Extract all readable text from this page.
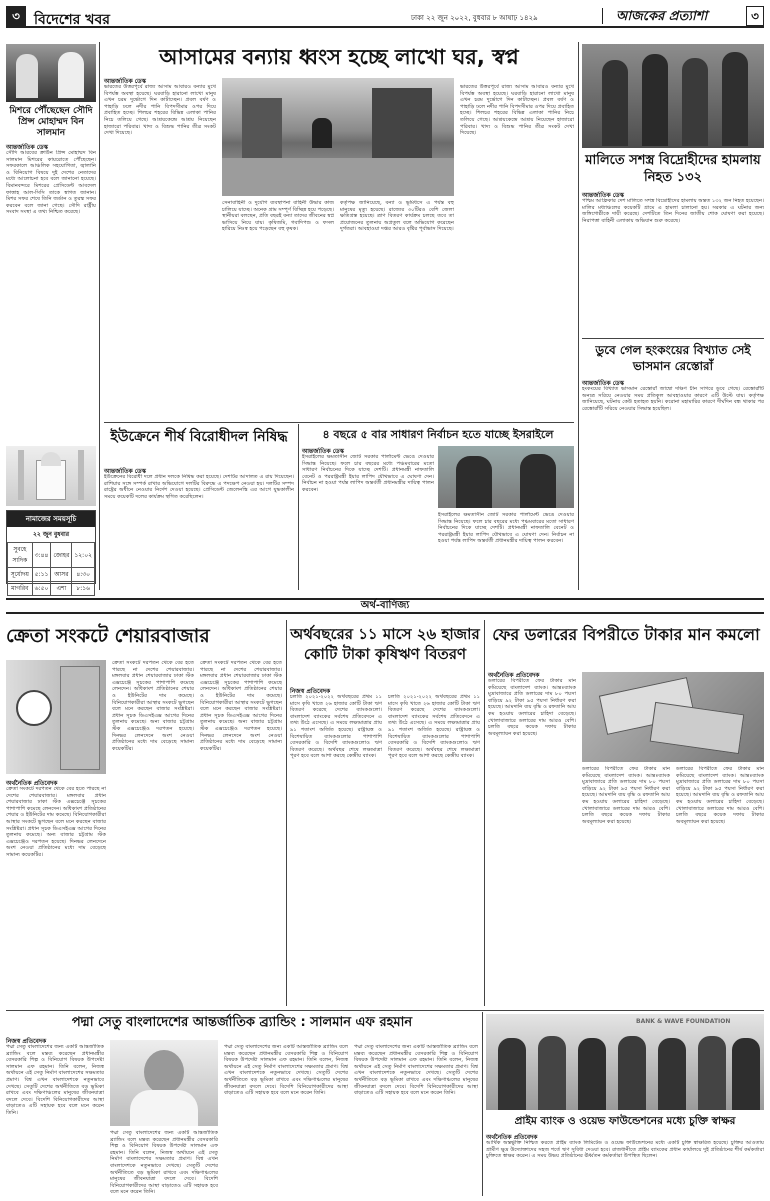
৩	বিদেশের খবর	ঢাকা ২২ জুন ২০২২, বুধবার ৮ আষাঢ় ১৪২৯	আজকের প্রত্যাশা	৩
মিশরে পৌঁছেছেন সৌদি প্রিন্স মোহাম্মদ বিন সালমান
আন্তর্জাতিক ডেস্ক
সৌদি আরবের ক্রাউন প্রিন্স মোহাম্মদ বিন সালমান মিশরের কায়রোতে পৌঁছেছেন। সফরকালে আঞ্চলিক সহযোগিতা, জ্বালানি ও বিনিয়োগ বিষয়ে দুই দেশের নেতাদের মধ্যে আলোচনা হবে বলে জানানো হয়েছে। বিমানবন্দরে মিশরের প্রেসিডেন্ট আবদেল ফাত্তাহ আল-সিসি তাকে স্বাগত জানান। মিশর সফর শেষে তিনি জর্ডান ও তুরস্ক সফর করবেন বলে জানা গেছে। সৌদি রাষ্ট্রীয় সংবাদ সংস্থা এ তথ্য নিশ্চিত করেছে।
নামাজের সময়সূচি
২২ জুন বুধবার
সুবহে সাদিক	৩:৪৪	জোহর	১২:০২
সূর্যোদয়	৫:১১	আসর	৪:৩০
মাগরিব	৬:৫০	এশা	৮:১৬
আসামের বন্যায় ধ্বংস হচ্ছে লাখো ঘর, স্বপ্ন
আন্তর্জাতিক ডেস্ক
ভারতের উত্তরপূর্বে রাজ্য আসাম আবারও বন্যার মুখে বিপর্যস্ত অবস্থা হয়েছে। ঘরবাড়ি হারানো লাখো মানুষ এখন চরম দুর্ভোগে দিন কাটাচ্ছেন। প্রবল বর্ষণ ও পাহাড়ি ঢলে নদীর পানি বিপদসীমার ওপর দিয়ে প্রবাহিত হচ্ছে। শিলচর শহরের বিভিন্ন এলাকা পানির নিচে তলিয়ে গেছে। আশ্রয়কেন্দ্রে আশ্রয় নিয়েছেন হাজারো পরিবার। খাদ্য ও বিশুদ্ধ পানির তীব্র সংকট দেখা দিয়েছে।
সেনাবাহিনী ও দুর্যোগ ব্যবস্থাপনা বাহিনী উদ্ধার কাজ চালিয়ে যাচ্ছে। অনেক গ্রাম সম্পূর্ণ বিচ্ছিন্ন হয়ে পড়েছে। স্থানীয়রা বলছেন, প্রতি বছরই বন্যা তাদের জীবনের স্বপ্ন ভাসিয়ে নিয়ে যায়। কৃষিজমি, গবাদিপশু ও ফসল হারিয়ে নিঃস্ব হয়ে পড়েছেন বহু কৃষক।
কর্তৃপক্ষ জানিয়েছে, বন্যা ও ভূমিধসে এ পর্যন্ত বহু মানুষের মৃত্যু হয়েছে। রাজ্যের ৩০টিরও বেশি জেলা ক্ষতিগ্রস্ত হয়েছে। ত্রাণ বিতরণ কার্যক্রম চলছে তবে তা প্রয়োজনের তুলনায় অপ্রতুল বলে অভিযোগ করেছেন দুর্গতরা। আবহাওয়া দপ্তর আরও বৃষ্টির পূর্বাভাস দিয়েছে।
ভারতের উত্তরপূর্বে রাজ্য আসাম আবারও বন্যার মুখে বিপর্যস্ত অবস্থা হয়েছে। ঘরবাড়ি হারানো লাখো মানুষ এখন চরম দুর্ভোগে দিন কাটাচ্ছেন। প্রবল বর্ষণ ও পাহাড়ি ঢলে নদীর পানি বিপদসীমার ওপর দিয়ে প্রবাহিত হচ্ছে। শিলচর শহরের বিভিন্ন এলাকা পানির নিচে তলিয়ে গেছে। আশ্রয়কেন্দ্রে আশ্রয় নিয়েছেন হাজারো পরিবার। খাদ্য ও বিশুদ্ধ পানির তীব্র সংকট দেখা দিয়েছে।
মালিতে সশস্ত্র বিদ্রোহীদের হামলায় নিহত ১৩২
আন্তর্জাতিক ডেস্ক
পশ্চিম আফ্রিকার দেশ মালিতে সশস্ত্র বিদ্রোহীদের হামলায় অন্তত ১৩২ জন নিহত হয়েছেন। মালির মধ্যাঞ্চলের কয়েকটি গ্রামে এ হামলা চালানো হয়। সরকার এ ঘটনার জন্য জঙ্গিগোষ্ঠীকে দায়ী করেছে। দেশটিতে তিন দিনের জাতীয় শোক ঘোষণা করা হয়েছে। নিরাপত্তা বাহিনী এলাকায় অভিযান শুরু করেছে।
ডুবে গেল হংকংয়ের বিখ্যাত সেই ভাসমান রেস্তোরাঁ
আন্তর্জাতিক ডেস্ক
হংকংয়ের বিখ্যাত ভাসমান রেস্তোরাঁ জাম্বো দক্ষিণ চীন সাগরে ডুবে গেছে। রেস্তোরাঁটি অন্যত্র সরিয়ে নেওয়ার সময় প্রতিকূল আবহাওয়ার কারণে এটি উল্টে যায়। কর্তৃপক্ষ জানিয়েছে, ঘটনায় কেউ হতাহত হয়নি। করোনা মহামারির কারণে দীর্ঘদিন বন্ধ থাকার পর রেস্তোরাঁটি সরিয়ে নেওয়ার সিদ্ধান্ত হয়েছিল।
ইউক্রেনে শীর্ষ বিরোধীদল নিষিদ্ধ
আন্তর্জাতিক ডেস্ক
ইউক্রেনের বিরোধী দলে প্রধান দলকে নিষিদ্ধ করা হয়েছে। দেশটির আদালত এ রায় দিয়েছেন। রাশিয়ার সঙ্গে সম্পর্ক রাখার অভিযোগে দলটির বিরুদ্ধে এ পদক্ষেপ নেওয়া হয়। দলটির সম্পদ রাষ্ট্রের অধীনে নেওয়ার নির্দেশ দেওয়া হয়েছে। প্রেসিডেন্ট জেলেনস্কি এর আগে যুদ্ধকালীন সময়ে কয়েকটি দলের কার্যক্রম স্থগিত করেছিলেন।
৪ বছরে ৫ বার সাধারণ নির্বাচন হতে যাচ্ছে ইসরাইলে
আন্তর্জাতিক ডেস্ক
ইসরাইলের ক্ষমতাসীন জোট সরকার পার্লামেন্ট ভেঙে দেওয়ার সিদ্ধান্ত নিয়েছে। ফলে চার বছরের মধ্যে পঞ্চমবারের মতো সাধারণ নির্বাচনের দিকে যাচ্ছে দেশটি। প্রধানমন্ত্রী নাফতালি বেনেট ও পররাষ্ট্রমন্ত্রী ইয়ার লাপিদ যৌথভাবে এ ঘোষণা দেন। নির্বাচন না হওয়া পর্যন্ত লাপিদ অন্তর্বর্তী প্রধানমন্ত্রীর দায়িত্ব পালন করবেন।
ইসরাইলের ক্ষমতাসীন জোট সরকার পার্লামেন্ট ভেঙে দেওয়ার সিদ্ধান্ত নিয়েছে। ফলে চার বছরের মধ্যে পঞ্চমবারের মতো সাধারণ নির্বাচনের দিকে যাচ্ছে দেশটি। প্রধানমন্ত্রী নাফতালি বেনেট ও পররাষ্ট্রমন্ত্রী ইয়ার লাপিদ যৌথভাবে এ ঘোষণা দেন। নির্বাচন না হওয়া পর্যন্ত লাপিদ অন্তর্বর্তী প্রধানমন্ত্রীর দায়িত্ব পালন করবেন।
অর্থ-বাণিজ্য
ক্রেতা সংকটে শেয়ারবাজার
অর্থনৈতিক প্রতিবেদক
ক্রেতা সংকটে দরপতন থেকে বের হতে পারছে না দেশের শেয়ারবাজার। মঙ্গলবার প্রধান শেয়ারবাজার ঢাকা স্টক এক্সচেঞ্জে সূচকের পাশাপাশি কমেছে লেনদেন। অধিকাংশ প্রতিষ্ঠানের শেয়ার ও ইউনিটের দাম কমেছে। বিনিয়োগকারীরা আস্থার সংকটে ভুগছেন বলে মনে করছেন বাজার সংশ্লিষ্টরা। প্রধান সূচক ডিএসইএক্স আগের দিনের তুলনায় কমেছে। অন্য বাজার চট্টগ্রাম স্টক এক্সচেঞ্জেও দরপতন হয়েছে। দিনভর লেনদেনে অংশ নেওয়া প্রতিষ্ঠানের মধ্যে দাম বেড়েছে সামান্য কয়েকটির।
ক্রেতা সংকটে দরপতন থেকে বের হতে পারছে না দেশের শেয়ারবাজার। মঙ্গলবার প্রধান শেয়ারবাজার ঢাকা স্টক এক্সচেঞ্জে সূচকের পাশাপাশি কমেছে লেনদেন। অধিকাংশ প্রতিষ্ঠানের শেয়ার ও ইউনিটের দাম কমেছে। বিনিয়োগকারীরা আস্থার সংকটে ভুগছেন বলে মনে করছেন বাজার সংশ্লিষ্টরা। প্রধান সূচক ডিএসইএক্স আগের দিনের তুলনায় কমেছে। অন্য বাজার চট্টগ্রাম স্টক এক্সচেঞ্জেও দরপতন হয়েছে। দিনভর লেনদেনে অংশ নেওয়া প্রতিষ্ঠানের মধ্যে দাম বেড়েছে সামান্য কয়েকটির।
ক্রেতা সংকটে দরপতন থেকে বের হতে পারছে না দেশের শেয়ারবাজার। মঙ্গলবার প্রধান শেয়ারবাজার ঢাকা স্টক এক্সচেঞ্জে সূচকের পাশাপাশি কমেছে লেনদেন। অধিকাংশ প্রতিষ্ঠানের শেয়ার ও ইউনিটের দাম কমেছে। বিনিয়োগকারীরা আস্থার সংকটে ভুগছেন বলে মনে করছেন বাজার সংশ্লিষ্টরা। প্রধান সূচক ডিএসইএক্স আগের দিনের তুলনায় কমেছে। অন্য বাজার চট্টগ্রাম স্টক এক্সচেঞ্জেও দরপতন হয়েছে। দিনভর লেনদেনে অংশ নেওয়া প্রতিষ্ঠানের মধ্যে দাম বেড়েছে সামান্য কয়েকটির।
অর্থবছরের ১১ মাসে ২৬ হাজার কোটি টাকা কৃষিঋণ বিতরণ
নিজস্ব প্রতিবেদক
চলতি ২০২১-২০২২ অর্থবছরের প্রথম ১১ মাসে কৃষি খাতে ২৬ হাজার কোটি টাকা ঋণ বিতরণ করেছে দেশের ব্যাংকগুলো। বাংলাদেশ ব্যাংকের সর্বশেষ প্রতিবেদনে এ তথ্য উঠে এসেছে। এ সময়ে লক্ষ্যমাত্রার প্রায় ৯১ শতাংশ অর্জিত হয়েছে। রাষ্ট্রায়ত্ত ও বিশেষায়িত ব্যাংকগুলোর পাশাপাশি বেসরকারি ও বিদেশি ব্যাংকগুলোও ঋণ বিতরণ করেছে। অর্থবছর শেষে লক্ষ্যমাত্রা পূরণ হবে বলে আশা করছে কেন্দ্রীয় ব্যাংক।
চলতি ২০২১-২০২২ অর্থবছরের প্রথম ১১ মাসে কৃষি খাতে ২৬ হাজার কোটি টাকা ঋণ বিতরণ করেছে দেশের ব্যাংকগুলো। বাংলাদেশ ব্যাংকের সর্বশেষ প্রতিবেদনে এ তথ্য উঠে এসেছে। এ সময়ে লক্ষ্যমাত্রার প্রায় ৯১ শতাংশ অর্জিত হয়েছে। রাষ্ট্রায়ত্ত ও বিশেষায়িত ব্যাংকগুলোর পাশাপাশি বেসরকারি ও বিদেশি ব্যাংকগুলোও ঋণ বিতরণ করেছে। অর্থবছর শেষে লক্ষ্যমাত্রা পূরণ হবে বলে আশা করছে কেন্দ্রীয় ব্যাংক।
ফের ডলারের বিপরীতে টাকার মান কমলো
অর্থনৈতিক প্রতিবেদক
ডলারের বিপরীতে ফের টাকার মান কমিয়েছে বাংলাদেশ ব্যাংক। আন্তঃব্যাংক মুদ্রাবাজারে প্রতি ডলারের দাম ৮০ পয়সা বাড়িয়ে ৯২ টাকা ৯৫ পয়সা নির্ধারণ করা হয়েছে। আমদানি ব্যয় বৃদ্ধি ও রফতানি আয় কম হওয়ায় ডলারের চাহিদা বেড়েছে। খোলাবাজারে ডলারের দাম আরও বেশি। চলতি বছরে কয়েক দফায় টাকার অবমূল্যায়ন করা হয়েছে।
ডলারের বিপরীতে ফের টাকার মান কমিয়েছে বাংলাদেশ ব্যাংক। আন্তঃব্যাংক মুদ্রাবাজারে প্রতি ডলারের দাম ৮০ পয়সা বাড়িয়ে ৯২ টাকা ৯৫ পয়সা নির্ধারণ করা হয়েছে। আমদানি ব্যয় বৃদ্ধি ও রফতানি আয় কম হওয়ায় ডলারের চাহিদা বেড়েছে। খোলাবাজারে ডলারের দাম আরও বেশি। চলতি বছরে কয়েক দফায় টাকার অবমূল্যায়ন করা হয়েছে।
ডলারের বিপরীতে ফের টাকার মান কমিয়েছে বাংলাদেশ ব্যাংক। আন্তঃব্যাংক মুদ্রাবাজারে প্রতি ডলারের দাম ৮০ পয়সা বাড়িয়ে ৯২ টাকা ৯৫ পয়সা নির্ধারণ করা হয়েছে। আমদানি ব্যয় বৃদ্ধি ও রফতানি আয় কম হওয়ায় ডলারের চাহিদা বেড়েছে। খোলাবাজারে ডলারের দাম আরও বেশি। চলতি বছরে কয়েক দফায় টাকার অবমূল্যায়ন করা হয়েছে।
পদ্মা সেতু বাংলাদেশের আন্তর্জাতিক ব্র্যান্ডিং : সালমান এফ রহমান
নিজস্ব প্রতিবেদক
পদ্মা সেতু বাংলাদেশের জন্য একটি আন্তর্জাতিক ব্র্যান্ডিং বলে মন্তব্য করেছেন প্রধানমন্ত্রীর বেসরকারি শিল্প ও বিনিয়োগ বিষয়ক উপদেষ্টা সালমান এফ রহমান। তিনি বলেন, নিজস্ব অর্থায়নে এই সেতু নির্মাণ বাংলাদেশের সক্ষমতার প্রমাণ। বিশ্ব এখন বাংলাদেশকে নতুনভাবে দেখছে। সেতুটি দেশের অর্থনীতিতে বড় ভূমিকা রাখবে এবং দক্ষিণাঞ্চলের মানুষের জীবনযাত্রা বদলে দেবে। বিদেশি বিনিয়োগকারীদের আস্থা বাড়াতেও এটি সহায়ক হবে বলে মনে করেন তিনি।
পদ্মা সেতু বাংলাদেশের জন্য একটি আন্তর্জাতিক ব্র্যান্ডিং বলে মন্তব্য করেছেন প্রধানমন্ত্রীর বেসরকারি শিল্প ও বিনিয়োগ বিষয়ক উপদেষ্টা সালমান এফ রহমান। তিনি বলেন, নিজস্ব অর্থায়নে এই সেতু নির্মাণ বাংলাদেশের সক্ষমতার প্রমাণ। বিশ্ব এখন বাংলাদেশকে নতুনভাবে দেখছে। সেতুটি দেশের অর্থনীতিতে বড় ভূমিকা রাখবে এবং দক্ষিণাঞ্চলের মানুষের জীবনযাত্রা বদলে দেবে। বিদেশি বিনিয়োগকারীদের আস্থা বাড়াতেও এটি সহায়ক হবে বলে মনে করেন তিনি।
পদ্মা সেতু বাংলাদেশের জন্য একটি আন্তর্জাতিক ব্র্যান্ডিং বলে মন্তব্য করেছেন প্রধানমন্ত্রীর বেসরকারি শিল্প ও বিনিয়োগ বিষয়ক উপদেষ্টা সালমান এফ রহমান। তিনি বলেন, নিজস্ব অর্থায়নে এই সেতু নির্মাণ বাংলাদেশের সক্ষমতার প্রমাণ। বিশ্ব এখন বাংলাদেশকে নতুনভাবে দেখছে। সেতুটি দেশের অর্থনীতিতে বড় ভূমিকা রাখবে এবং দক্ষিণাঞ্চলের মানুষের জীবনযাত্রা বদলে দেবে। বিদেশি বিনিয়োগকারীদের আস্থা বাড়াতেও এটি সহায়ক হবে বলে মনে করেন তিনি।
পদ্মা সেতু বাংলাদেশের জন্য একটি আন্তর্জাতিক ব্র্যান্ডিং বলে মন্তব্য করেছেন প্রধানমন্ত্রীর বেসরকারি শিল্প ও বিনিয়োগ বিষয়ক উপদেষ্টা সালমান এফ রহমান। তিনি বলেন, নিজস্ব অর্থায়নে এই সেতু নির্মাণ বাংলাদেশের সক্ষমতার প্রমাণ। বিশ্ব এখন বাংলাদেশকে নতুনভাবে দেখছে। সেতুটি দেশের অর্থনীতিতে বড় ভূমিকা রাখবে এবং দক্ষিণাঞ্চলের মানুষের জীবনযাত্রা বদলে দেবে। বিদেশি বিনিয়োগকারীদের আস্থা বাড়াতেও এটি সহায়ক হবে বলে মনে করেন তিনি।
BANK & WAVE FOUNDATION
প্রাইম ব্যাংক ও ওয়েভ ফাউন্ডেশনের মধ্যে চুক্তি স্বাক্ষর
অর্থনৈতিক প্রতিবেদক
আর্থিক অন্তর্ভুক্তি নিশ্চিত করতে প্রাইম ব্যাংক লিমিটেড ও ওয়েভ ফাউন্ডেশনের মধ্যে একটি চুক্তি স্বাক্ষরিত হয়েছে। চুক্তির আওতায় গ্রামীণ ক্ষুদ্র উদ্যোক্তাদের সহজ শর্তে ঋণ সুবিধা দেওয়া হবে। রাজধানীতে প্রাইম ব্যাংকের প্রধান কার্যালয়ে দুই প্রতিষ্ঠানের শীর্ষ কর্মকর্তারা চুক্তিতে স্বাক্ষর করেন। এ সময় উভয় প্রতিষ্ঠানের ঊর্ধ্বতন কর্মকর্তারা উপস্থিত ছিলেন।
